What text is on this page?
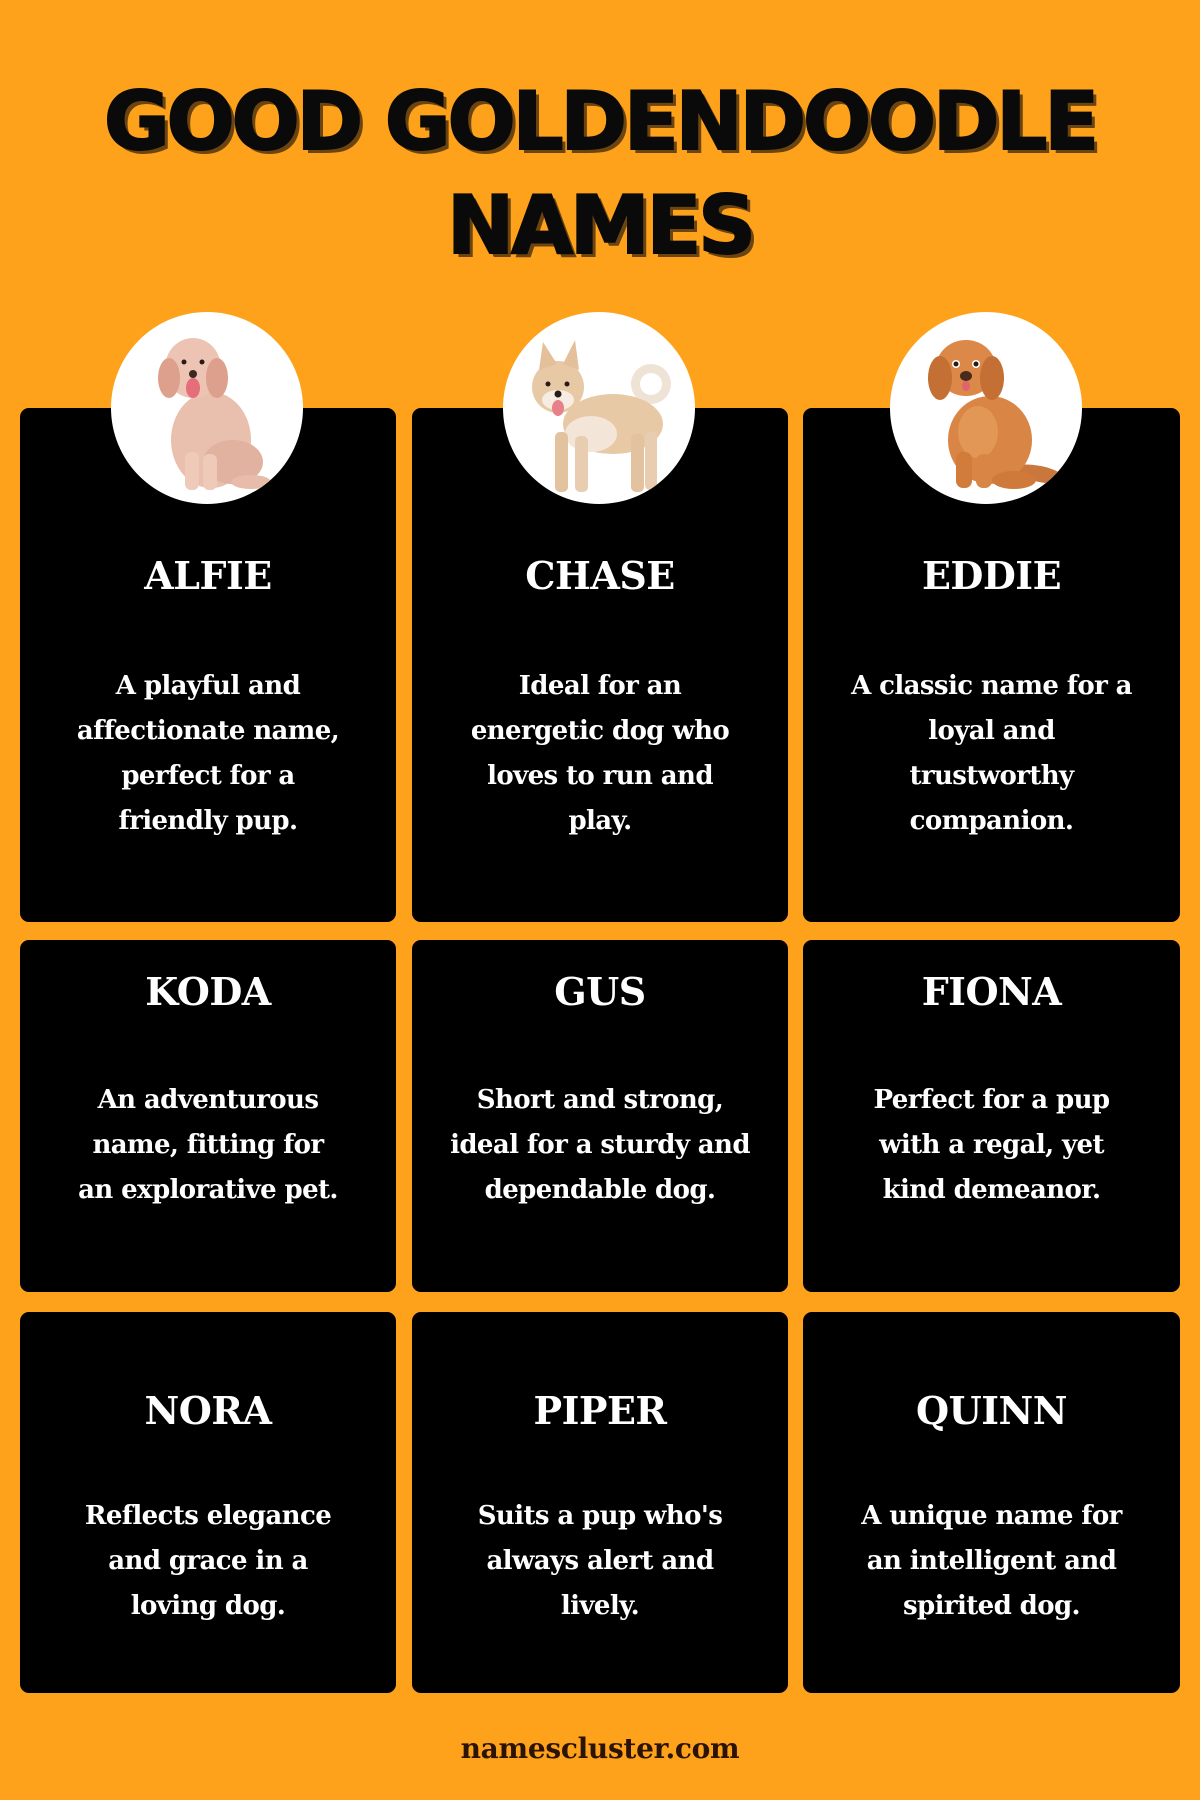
GOOD GOLDENDOODLE
NAMES
ALFIE
A playful and
affectionate name,
perfect for a
friendly pup.
CHASE
Ideal for an
energetic dog who
loves to run and
play.
EDDIE
A classic name for a
loyal and
trustworthy
companion.
KODA
An adventurous
name, fitting for
an explorative pet.
GUS
Short and strong,
ideal for a sturdy and
dependable dog.
FIONA
Perfect for a pup
with a regal, yet
kind demeanor.
NORA
Reflects elegance
and grace in a
loving dog.
PIPER
Suits a pup who's
always alert and
lively.
QUINN
A unique name for
an intelligent and
spirited dog.
namescluster.com
